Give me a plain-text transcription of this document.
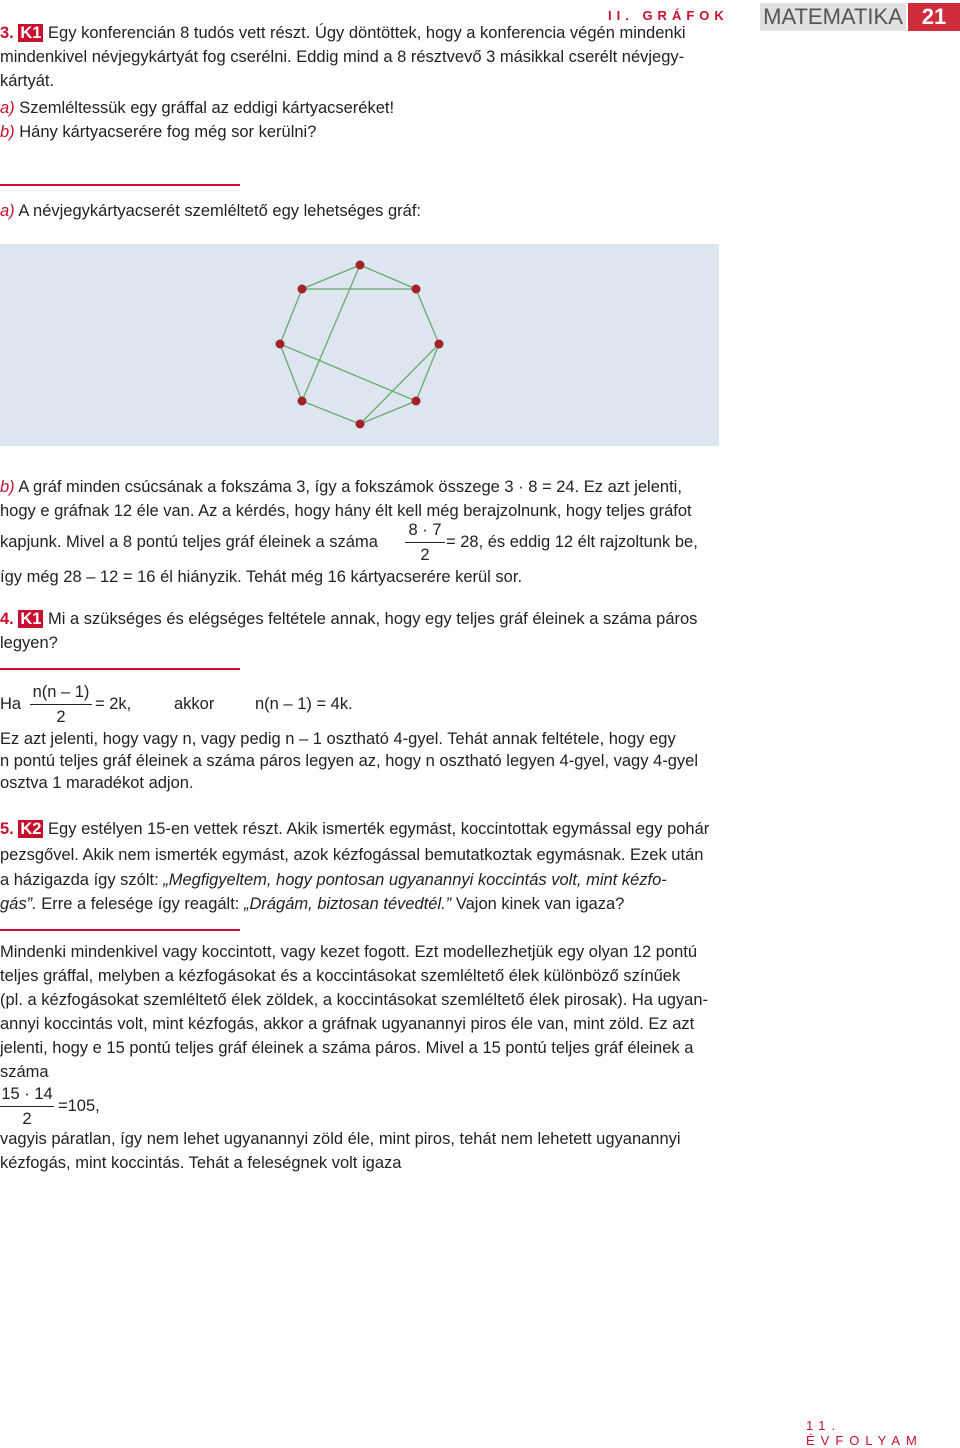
II. GRÁFOK MATEMATIKA 21
3. K1 Egy konferencián 8 tudós vett részt. Úgy döntöttek, hogy a konferencia végén mindenki
mindenkivel névjegykártyát fog cserélni. Eddig mind a 8 résztvevő 3 másikkal cserélt névjegy-
kártyát.
a) Szemléltessük egy gráffal az eddigi kártyacseréket!
b) Hány kártyacserére fog még sor kerülni?
a) A névjegykártyacserét szemléltető egy lehetséges gráf:
b) A gráf minden csúcsának a fokszáma 3, így a fokszámok összege 3 · 8 = 24. Ez azt jelenti,
hogy e gráfnak 12 éle van. Az a kérdés, hogy hány élt kell még berajzolnunk, hogy teljes gráfot
kapjunk. Mivel a 8 pontú teljes gráf éleinek a száma
8 · 7
2
= 28, és eddig 12 élt rajzoltunk be,
így még 28 – 12 = 16 él hiányzik. Tehát még 16 kártyacserére kerül sor.
4. K1 Mi a szükséges és elégséges feltétele annak, hogy egy teljes gráf éleinek a száma páros
legyen?
Ha
n(n – 1)
2
= 2k,	akkor n(n – 1) = 4k.
Ez azt jelenti, hogy vagy n, vagy pedig n – 1 osztható 4-gyel. Tehát annak feltétele, hogy egy
n pontú teljes gráf éleinek a száma páros legyen az, hogy n osztható legyen 4-gyel, vagy 4-gyel
osztva 1 maradékot adjon.
5. K2 Egy estélyen 15-en vettek részt. Akik ismerték egymást, koccintottak egymással egy pohár
pezsgővel. Akik nem ismerték egymást, azok kézfogással bemutatkoztak egymásnak. Ezek után
a házigazda így szólt: „Megfigyeltem, hogy pontosan ugyanannyi koccintás volt, mint kézfo-
gás”. Erre a felesége így reagált: „Drágám, biztosan tévedtél.” Vajon kinek van igaza?
Mindenki mindenkivel vagy koccintott, vagy kezet fogott. Ezt modellezhetjük egy olyan 12 pontú
teljes gráffal, melyben a kézfogásokat és a koccintásokat szemléltető élek különböző színűek
(pl. a kézfogásokat szemléltető élek zöldek, a koccintásokat szemléltető élek pirosak). Ha ugyan-
annyi koccintás volt, mint kézfogás, akkor a gráfnak ugyanannyi piros éle van, mint zöld. Ez azt
jelenti, hogy e 15 pontú teljes gráf éleinek a száma páros. Mivel a 15 pontú teljes gráf éleinek a
száma
15 · 14
2
=105,
vagyis páratlan, így nem lehet ugyanannyi zöld éle, mint piros, tehát nem lehetett ugyanannyi
kézfogás, mint koccintás. Tehát a feleségnek volt igaza
11. ÉVFOLYAM
